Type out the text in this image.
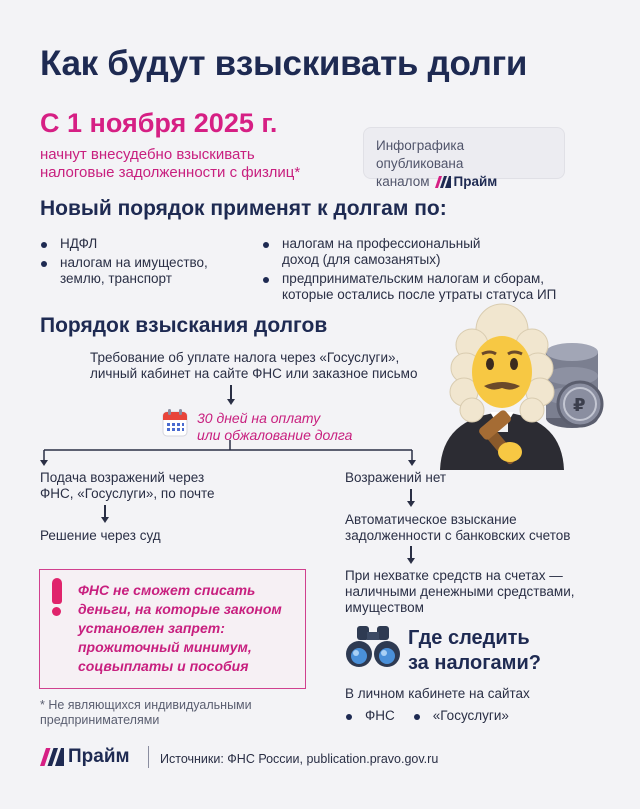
Как будут взыскивать долги
С 1 ноября 2025 г.
начнут внесудебно взыскивать
налоговые задолженности с физлиц*
Инфографика опубликована
каналом Прайм
Новый порядок применят к долгам по:
НДФЛ
налогам на имущество, землю, транспорт
налогам на профессиональный доход (для самозанятых)
предпринимательским налогам и сборам, которые остались после утраты статуса ИП
Порядок взыскания долгов
Требование об уплате налога через «Госуслуги», личный кабинет на сайте ФНС или заказное письмо
30 дней на оплату
или обжалование долга
Подача возражений через ФНС, «Госуслуги», по почте
Решение через суд
Возражений нет
Автоматическое взыскание задолженности с банковских счетов
При нехватке средств на счетах — наличными денежными средствами, имуществом
₽
ФНС не сможет списать
деньги, на которые законом
установлен запрет:
прожиточный минимум,
соцвыплаты и пособия
Где следить
за налогами?
В личном кабинете на сайтах
ФНС	«Госуслуги»
* Не являющихся индивидуальными
предпринимателями
Прайм Источники: ФНС России, publication.pravo.gov.ru
